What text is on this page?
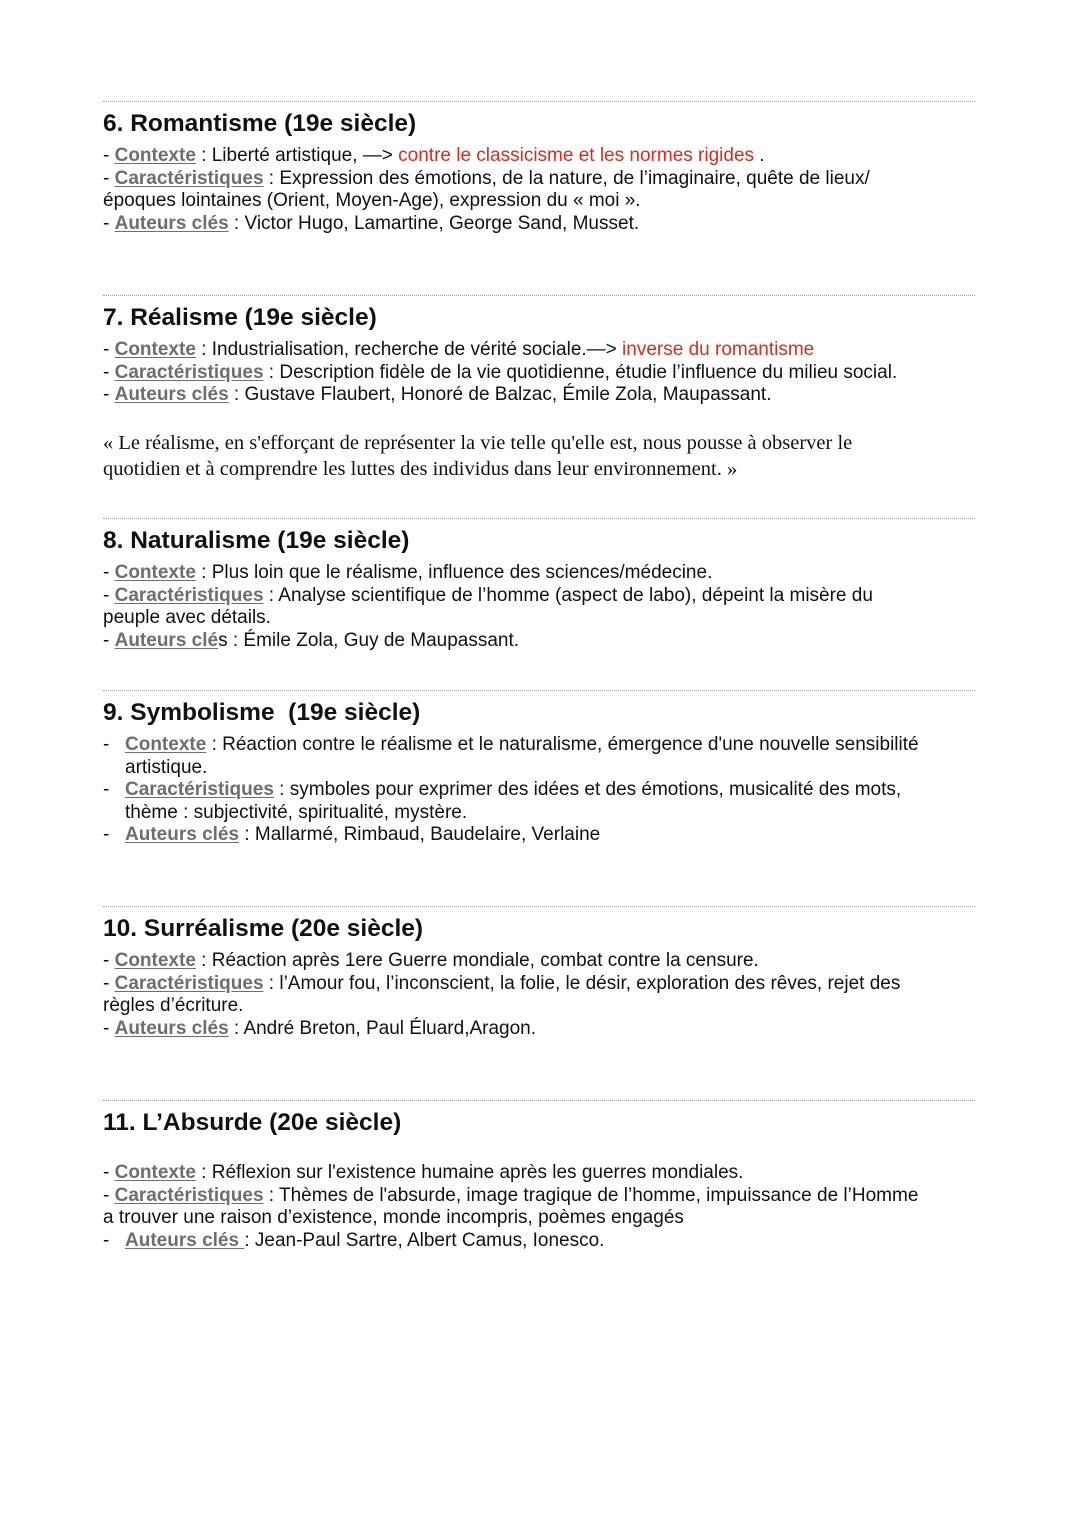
6. Romantisme (19e siècle)

- Contexte : Liberté artistique, —> contre le classicisme et les normes rigides .

- Caractéristiques : Expression des émotions, de la nature, de l’imaginaire, quête de lieux/

époques lointaines (Orient, Moyen-Age), expression du « moi ».

- Auteurs clés : Victor Hugo, Lamartine, George Sand, Musset.

7. Réalisme (19e siècle)

- Contexte : Industrialisation, recherche de vérité sociale.—> inverse du romantisme

- Caractéristiques : Description fidèle de la vie quotidienne, étudie l’influence du milieu social.

- Auteurs clés : Gustave Flaubert, Honoré de Balzac, Émile Zola, Maupassant.

« Le réalisme, en s'efforçant de représenter la vie telle qu'elle est, nous pousse à observer le

quotidien et à comprendre les luttes des individus dans leur environnement. »

8. Naturalisme (19e siècle)

- Contexte : Plus loin que le réalisme, influence des sciences/médecine.

- Caractéristiques : Analyse scientifique de l’homme (aspect de labo), dépeint la misère du

peuple avec détails.

- Auteurs clés : Émile Zola, Guy de Maupassant.

9. Symbolisme  (19e siècle)
- Contexte : Réaction contre le réalisme et le naturalisme, émergence d'une nouvelle sensibilité
artistique.
- Caractéristiques : symboles pour exprimer des idées et des émotions, musicalité des mots,
thème : subjectivité, spiritualité, mystère.
- Auteurs clés : Mallarmé, Rimbaud, Baudelaire, Verlaine
10. Surréalisme (20e siècle)

- Contexte : Réaction après 1ere Guerre mondiale, combat contre la censure.

- Caractéristiques : l’Amour fou, l’inconscient, la folie, le désir, exploration des rêves, rejet des

règles d’écriture.

- Auteurs clés : André Breton, Paul Éluard,Aragon.

11. L’Absurde (20e siècle)

- Contexte : Réflexion sur l'existence humaine après les guerres mondiales.

- Caractéristiques : Thèmes de l'absurde, image tragique de l’homme, impuissance de l’Homme

a trouver une raison d’existence, monde incompris, poèmes engagés

- Auteurs clés : Jean-Paul Sartre, Albert Camus, Ionesco.
